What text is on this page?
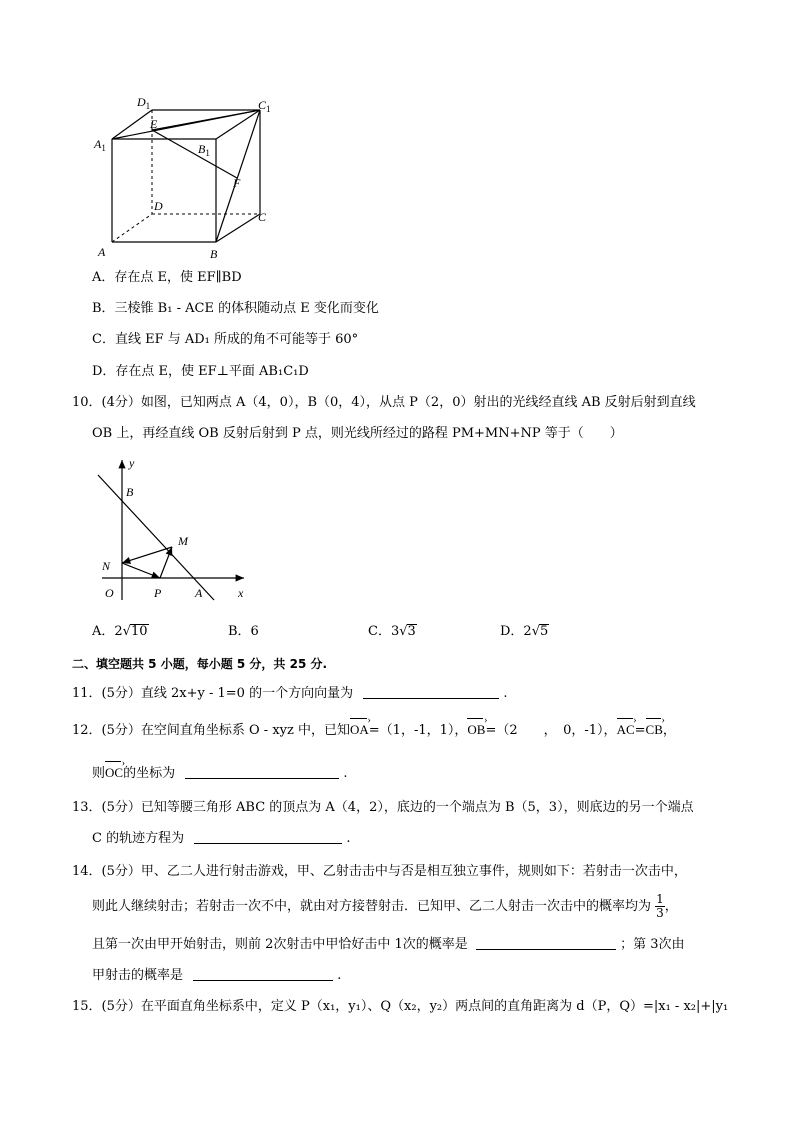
$D_1$	$C_1$
$A_1$	$B_1$
E
F
D
C
A	B
A．存在点 E，使 EF∥BD
B．三棱锥 B₁ - ACE 的体积随动点 E 变化而变化
C．直线 EF 与 AD₁ 所成的角不可能等于 60°
D．存在点 E，使 EF⊥平面 AB₁C₁D
10．(4分）如图，已知两点 A（4，0），B（0，4），从点 P（2，0）射出的光线经直线 AB 反射后射到直线
OB 上，再经直线 OB 反射后射到 P 点，则光线所经过的路程 PM+MN+NP 等于（　　）
y
B
M
N
O	P	A	x
A．2√10	B．6	C．3√3	D．2√5
二、填空题共 5 小题，每小题 5 分，共 25 分.
11．(5分）直线 2x+y - 1=0 的一个方向向量为	.
12．(5分）在空间直角坐标系 O - xyz 中，已知OA ›=（1，-1，1），OB ›=（2　　，　0，-1），AC ›=CB ›，
则OC ›的坐标为	.
13．(5分）已知等腰三角形 ABC 的顶点为 A（4，2），底边的一个端点为 B（5，3），则底边的另一个端点
C 的轨迹方程为	.
14．(5分）甲、乙二人进行射击游戏，甲、乙射击击中与否是相互独立事件，规则如下：若射击一次击中，
则此人继续射击；若射击一次不中，就由对方接替射击．已知甲、乙二人射击一次击中的概率均为 $\frac{1}{3}$ ，
且第一次由甲开始射击，则前 2次射击中甲恰好击中 1次的概率是	；第 3次由
甲射击的概率是	.
15．(5分）在平面直角坐标系中，定义 P（x₁，y₁）、Q（x₂，y₂）两点间的直角距离为 d（P，Q）=|x₁ - x₂|+|y₁
